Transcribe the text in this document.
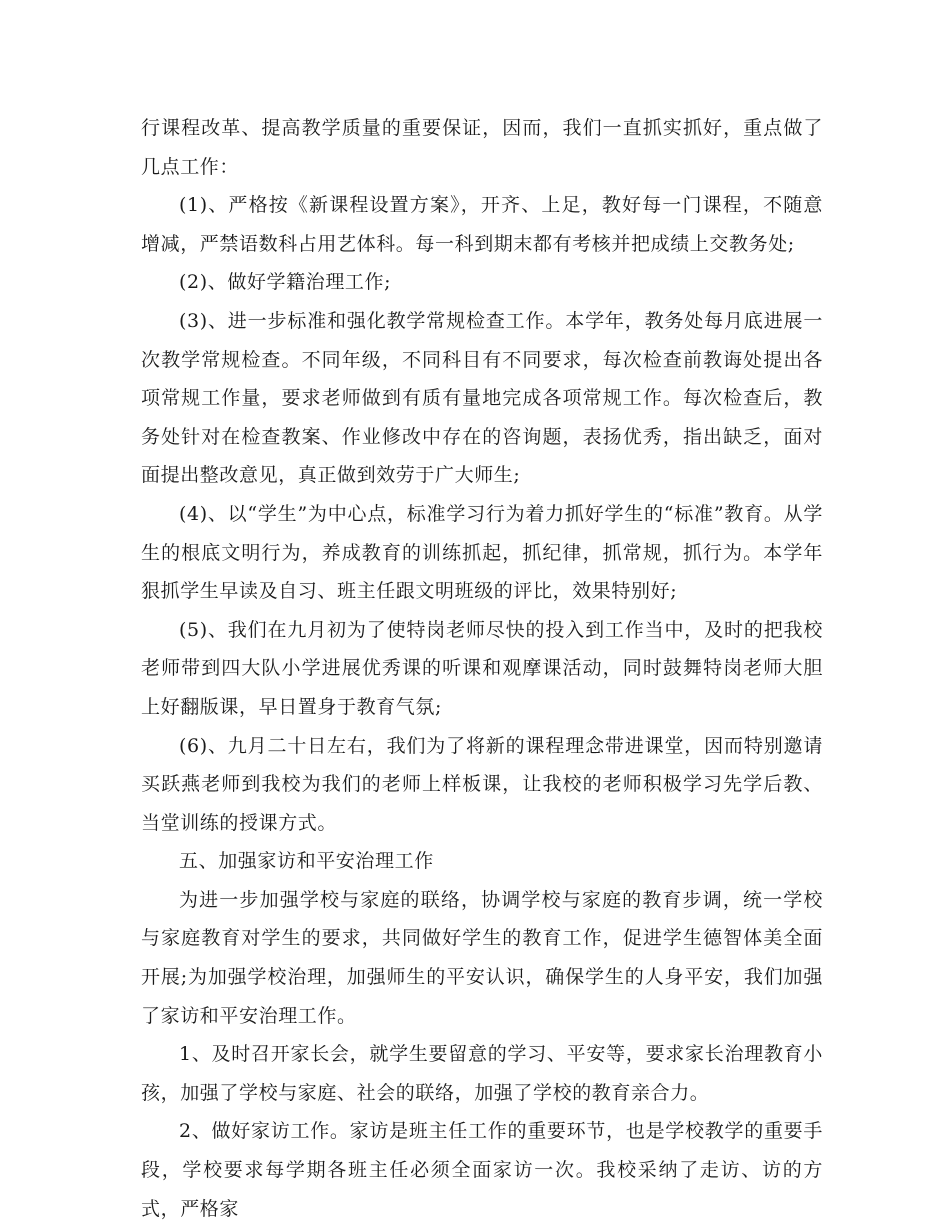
行课程改革、提高教学质量的重要保证，因而，我们一直抓实抓好，重点做了几点工作：

(1)、严格按《新课程设置方案》，开齐、上足，教好每一门课程，不随意增减，严禁语数科占用艺体科。每一科到期末都有考核并把成绩上交教务处;

(2)、做好学籍治理工作;

(3)、进一步标准和强化教学常规检查工作。本学年，教务处每月底进展一次教学常规检查。不同年级，不同科目有不同要求，每次检查前教诲处提出各项常规工作量，要求老师做到有质有量地完成各项常规工作。每次检查后，教务处针对在检查教案、作业修改中存在的咨询题，表扬优秀，指出缺乏，面对面提出整改意见，真正做到效劳于广大师生;

(4)、以“学生”为中心点，标准学习行为着力抓好学生的“标准”教育。从学生的根底文明行为，养成教育的训练抓起，抓纪律，抓常规，抓行为。本学年狠抓学生早读及自习、班主任跟文明班级的评比，效果特别好;

(5)、我们在九月初为了使特岗老师尽快的投入到工作当中，及时的把我校老师带到四大队小学进展优秀课的听课和观摩课活动，同时鼓舞特岗老师大胆上好翻版课，早日置身于教育气氛;

(6)、九月二十日左右，我们为了将新的课程理念带进课堂，因而特别邀请买跃燕老师到我校为我们的老师上样板课，让我校的老师积极学习先学后教、当堂训练的授课方式。

五、加强家访和平安治理工作

为进一步加强学校与家庭的联络，协调学校与家庭的教育步调，统一学校与家庭教育对学生的要求，共同做好学生的教育工作，促进学生德智体美全面开展;为加强学校治理，加强师生的平安认识，确保学生的人身平安，我们加强了家访和平安治理工作。

1、及时召开家长会，就学生要留意的学习、平安等，要求家长治理教育小孩，加强了学校与家庭、社会的联络，加强了学校的教育亲合力。

2、做好家访工作。家访是班主任工作的重要环节，也是学校教学的重要手段，学校要求每学期各班主任必须全面家访一次。我校采纳了走访、访的方式，严格家
